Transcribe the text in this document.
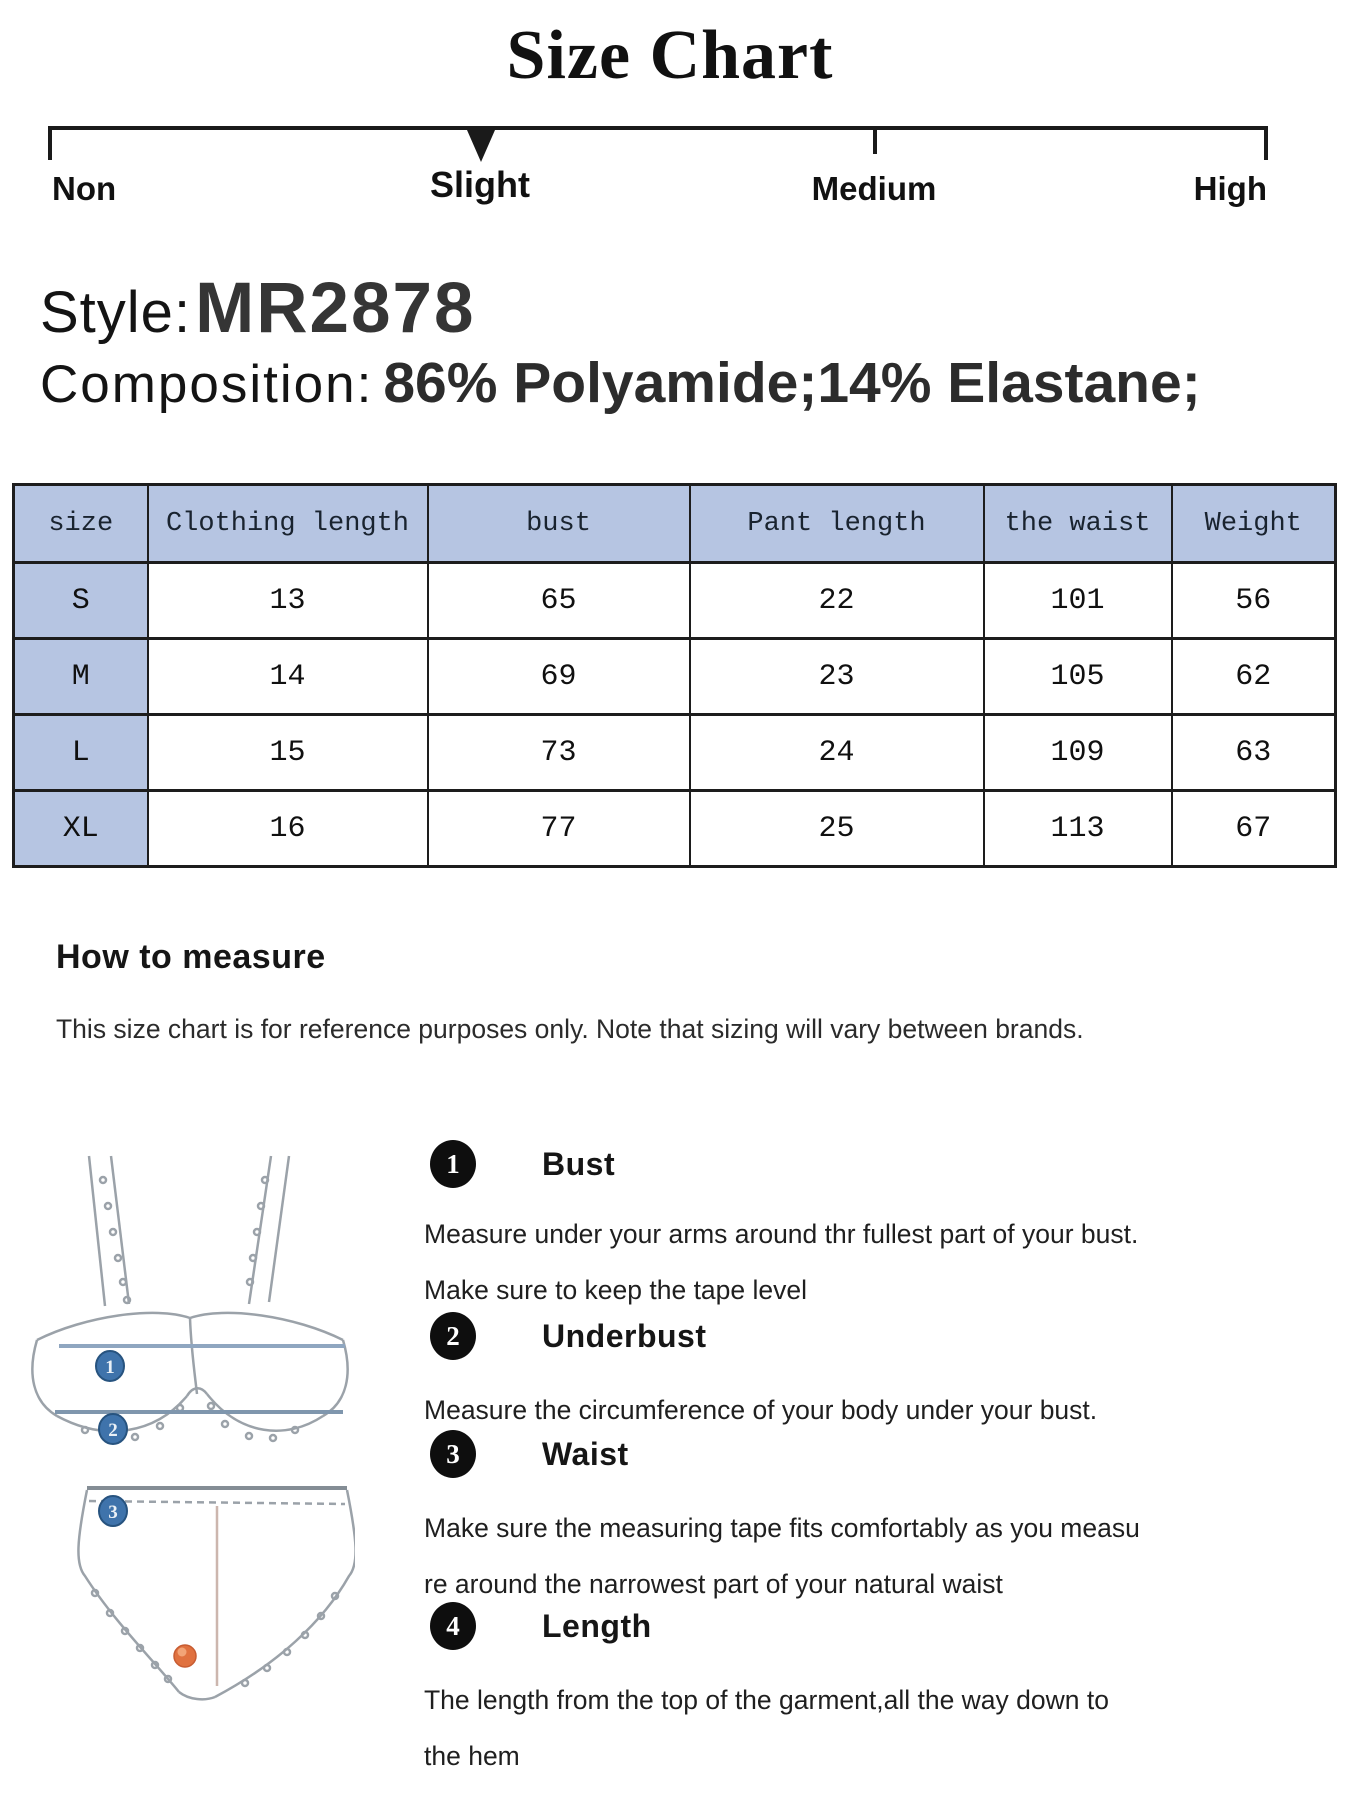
Size Chart
Non	Slight	Medium	High
Style: MR2878
Composition: 86% Polyamide;14% Elastane;
size	Clothing length	bust	Pant length	the waist	Weight
S	13	65	22	101	56
M	14	69	23	105	62
L	15	73	24	109	63
XL	16	77	25	113	67
How to measure
This size chart is for reference purposes only. Note that sizing will vary between brands.
1
2
3
1	Bust

Measure under your arms around thr fullest part of your bust.

Make sure to keep the tape level

2	Underbust

Measure the circumference of your body under your bust.

3	Waist

Make sure the measuring tape fits comfortably as you measu

re around the narrowest part of your natural waist

4	Length

The length from the top of the garment,all the way down to

the hem
